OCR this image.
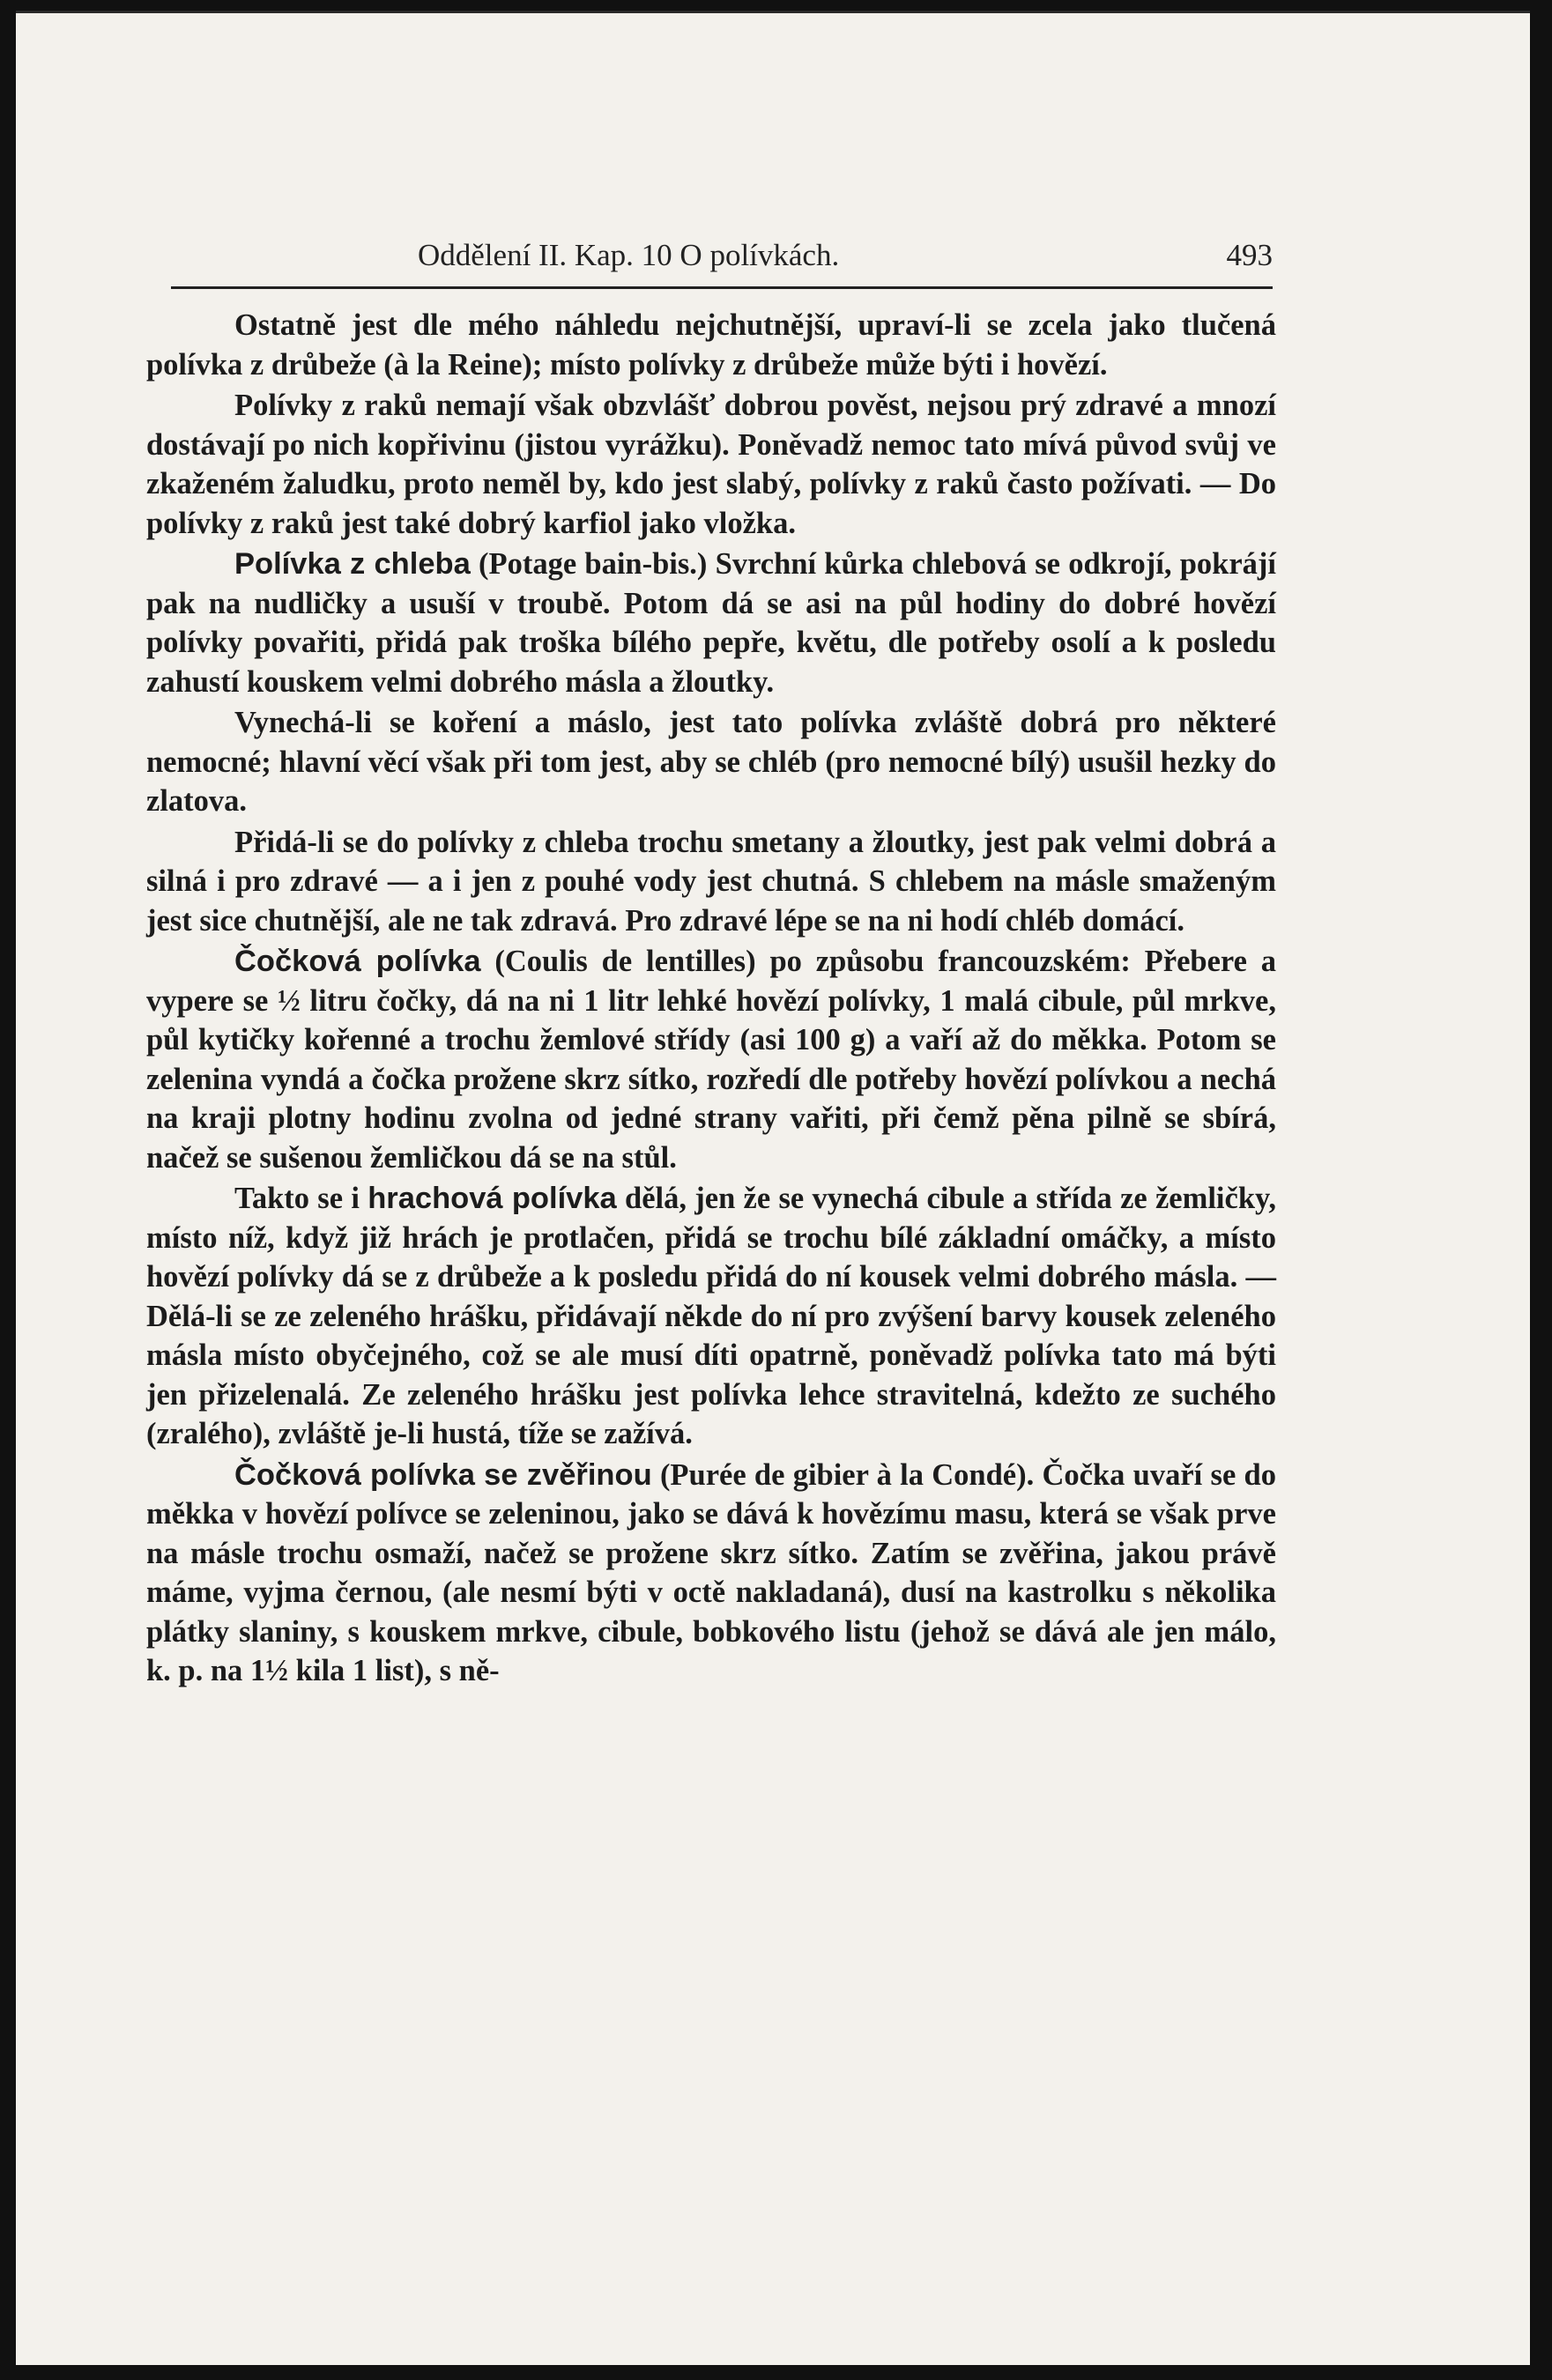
Oddělení II. Kap. 10 O polívkách.	493

Ostatně jest dle mého náhledu nejchutnější, upraví-li se zcela jako tlučená polívka z drůbeže (à la Reine); místo polívky z drůbeže může býti i hovězí.

Polívky z raků nemají však obzvlášť dobrou pověst, nejsou prý zdravé a mnozí dostávají po nich kopřivinu (jistou vyrážku). Poněvadž nemoc tato mívá původ svůj ve zkaženém žaludku, proto neměl by, kdo jest slabý, polívky z raků často požívati. — Do polívky z raků jest také dobrý karfiol jako vložka.

Polívka z chleba (Potage bain-bis.) Svrchní kůrka chlebová se odkrojí, pokrájí pak na nudličky a usuší v troubě. Potom dá se asi na půl hodiny do dobré hovězí polívky povařiti, přidá pak troška bílého pepře, květu, dle potřeby osolí a k posledu zahustí kouskem velmi dobrého másla a žloutky.

Vynechá-li se koření a máslo, jest tato polívka zvláště dobrá pro některé nemocné; hlavní věcí však při tom jest, aby se chléb (pro nemocné bílý) usušil hezky do zlatova.

Přidá-li se do polívky z chleba trochu smetany a žloutky, jest pak velmi dobrá a silná i pro zdravé — a i jen z pouhé vody jest chutná. S chlebem na másle smaženým jest sice chutnější, ale ne tak zdravá. Pro zdravé lépe se na ni hodí chléb domácí.

Čočková polívka (Coulis de lentilles) po způsobu francouzském: Přebere a vypere se ½ litru čočky, dá na ni 1 litr lehké hovězí polívky, 1 malá cibule, půl mrkve, půl kytičky kořenné a trochu žemlové střídy (asi 100 g) a vaří až do měkka. Potom se zelenina vyndá a čočka prožene skrz sítko, rozředí dle potřeby hovězí polívkou a nechá na kraji plotny hodinu zvolna od jedné strany vařiti, při čemž pěna pilně se sbírá, načež se sušenou žemličkou dá se na stůl.

Takto se i hrachová polívka dělá, jen že se vynechá cibule a střída ze žemličky, místo níž, když již hrách je protlačen, přidá se trochu bílé základní omáčky, a místo hovězí polívky dá se z drůbeže a k posledu přidá do ní kousek velmi dobrého másla. — Dělá-li se ze zeleného hrášku, přidávají někde do ní pro zvýšení barvy kousek zeleného másla místo obyčejného, což se ale musí díti opatrně, poněvadž polívka tato má býti jen přizelenalá. Ze zeleného hrášku jest polívka lehce stravitelná, kdežto ze suchého (zralého), zvláště je-li hustá, tíže se zažívá.

Čočková polívka se zvěřinou (Purée de gibier à la Condé). Čočka uvaří se do měkka v hovězí polívce se zeleninou, jako se dává k hovězímu masu, která se však prve na másle trochu osmaží, načež se prožene skrz sítko. Zatím se zvěřina, jakou právě máme, vyjma černou, (ale nesmí býti v octě nakladaná), dusí na kastrolku s několika plátky slaniny, s kouskem mrkve, cibule, bobkového listu (jehož se dává ale jen málo, k. p. na 1½ kila 1 list), s ně-
